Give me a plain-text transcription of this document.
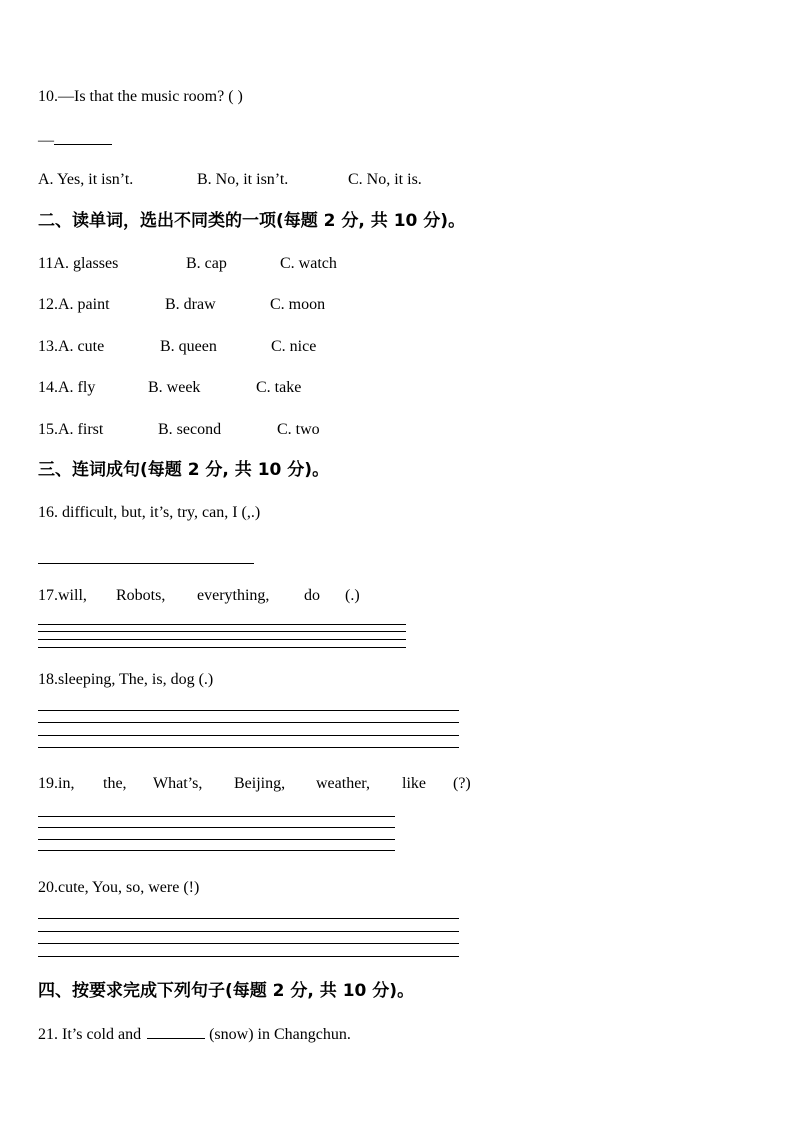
10.—Is that the music room? ( )
—
A. Yes, it isn’t.	B. No, it isn’t.	C. No, it is.
二、读单词，选出不同类的一项(每题 2 分, 共 10 分)。
11A. glasses	B. cap	C. watch
12.A. paint	B. draw	C. moon
13.A. cute	B. queen	C. nice
14.A. fly	B. week	C. take
15.A. first	B. second	C. two
三、连词成句(每题 2 分, 共 10 分)。
16. difficult, but, it’s, try, can, I (,.)
17.will, Robots, everything, do (.)
18.sleeping, The, is, dog (.)
19.in, the, What’s, Beijing, weather, like (?)
20.cute, You, so, were (!)
四、按要求完成下列句子(每题 2 分, 共 10 分)。
21. It’s cold and	(snow) in Changchun.
